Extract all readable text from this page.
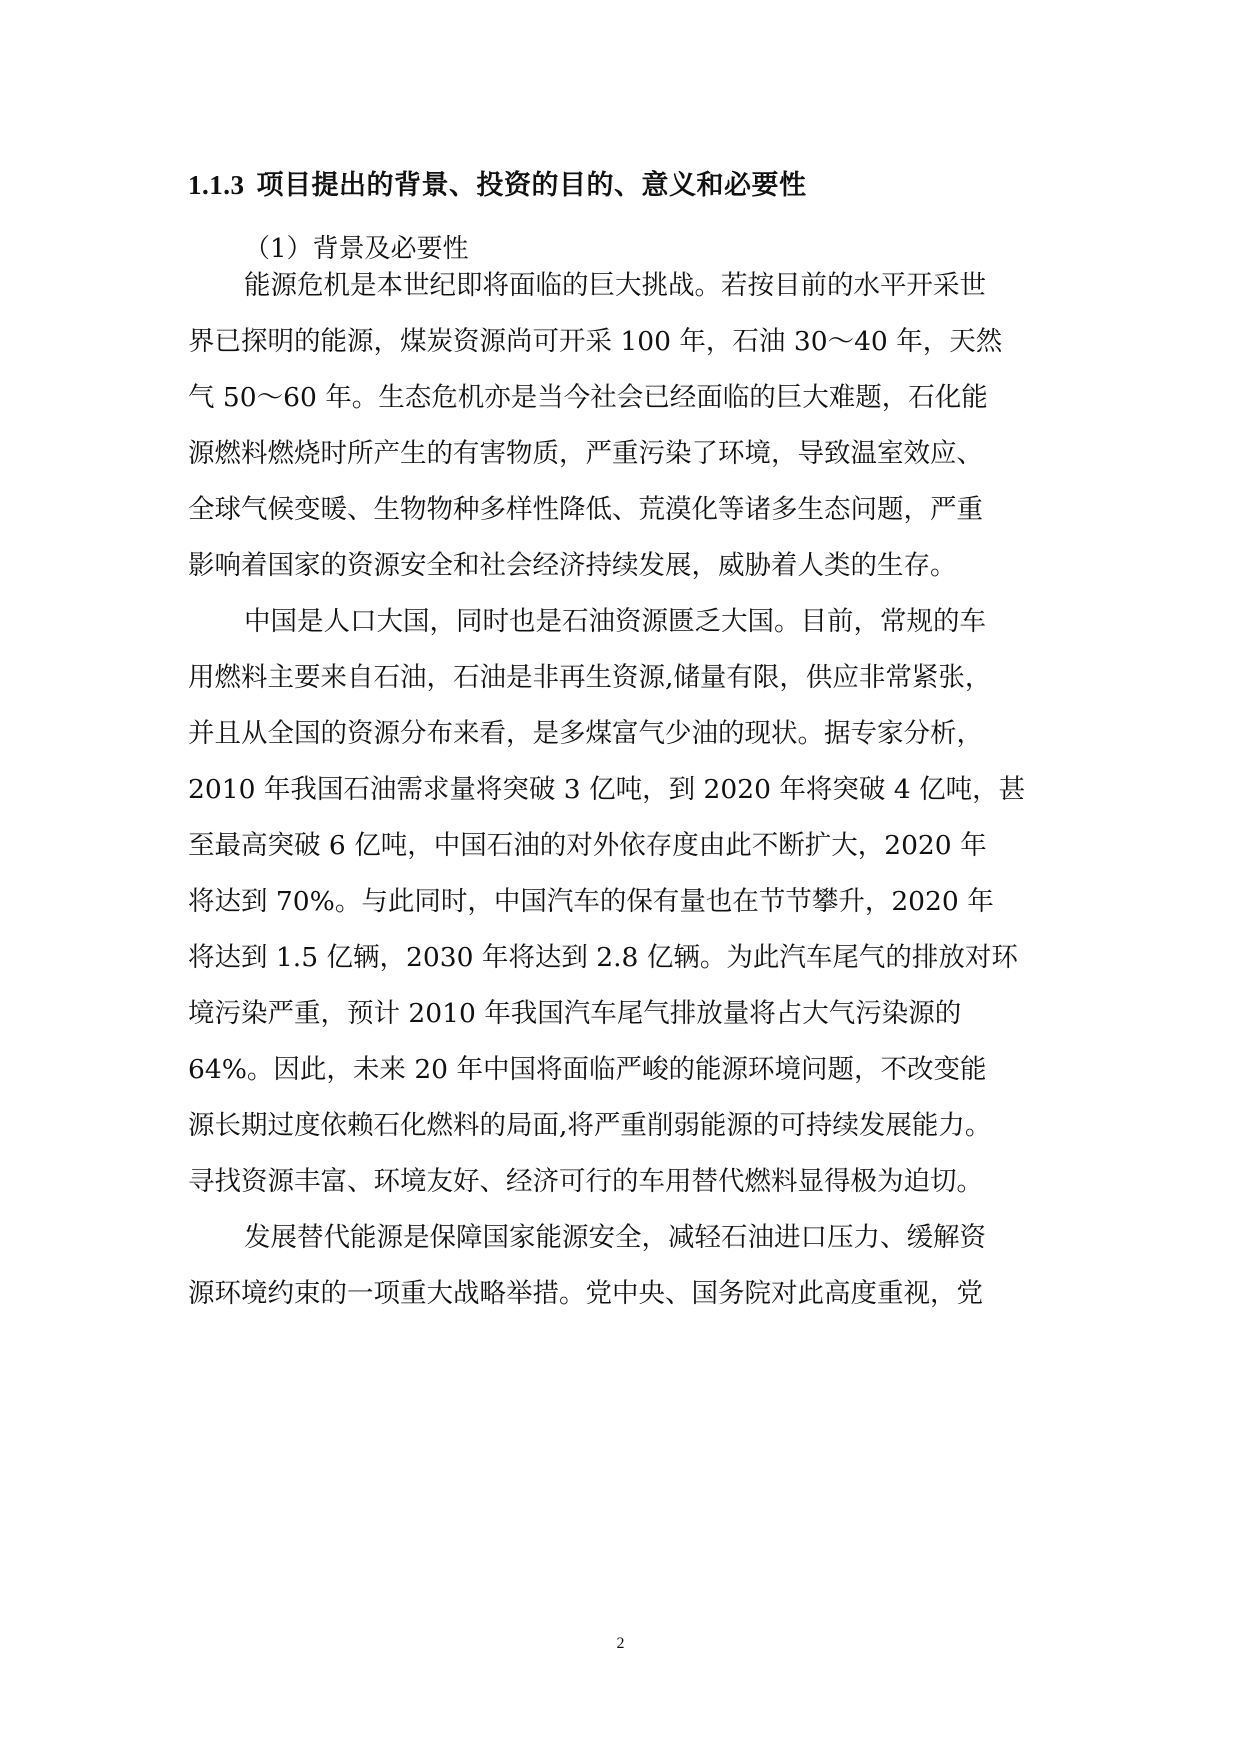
1.1.3 项目提出的背景、投资的目的、意义和必要性
（1）背景及必要性

能源危机是本世纪即将面临的巨大挑战。若按目前的水平开采世

界已探明的能源，煤炭资源尚可开采 100 年，石油 30～40 年，天然

气 50～60 年。生态危机亦是当今社会已经面临的巨大难题，石化能

源燃料燃烧时所产生的有害物质，严重污染了环境，导致温室效应、

全球气候变暖、生物物种多样性降低、荒漠化等诸多生态问题，严重

影响着国家的资源安全和社会经济持续发展，威胁着人类的生存。

中国是人口大国，同时也是石油资源匮乏大国。目前，常规的车

用燃料主要来自石油，石油是非再生资源,储量有限，供应非常紧张，

并且从全国的资源分布来看，是多煤富气少油的现状。据专家分析，

2010 年我国石油需求量将突破 3 亿吨，到 2020 年将突破 4 亿吨，甚

至最高突破 6 亿吨，中国石油的对外依存度由此不断扩大，2020 年

将达到 70%。与此同时，中国汽车的保有量也在节节攀升，2020 年

将达到 1.5 亿辆，2030 年将达到 2.8 亿辆。为此汽车尾气的排放对环

境污染严重，预计 2010 年我国汽车尾气排放量将占大气污染源的

64%。因此，未来 20 年中国将面临严峻的能源环境问题，不改变能

源长期过度依赖石化燃料的局面,将严重削弱能源的可持续发展能力。

寻找资源丰富、环境友好、经济可行的车用替代燃料显得极为迫切。

发展替代能源是保障国家能源安全，减轻石油进口压力、缓解资

源环境约束的一项重大战略举措。党中央、国务院对此高度重视，党

2
